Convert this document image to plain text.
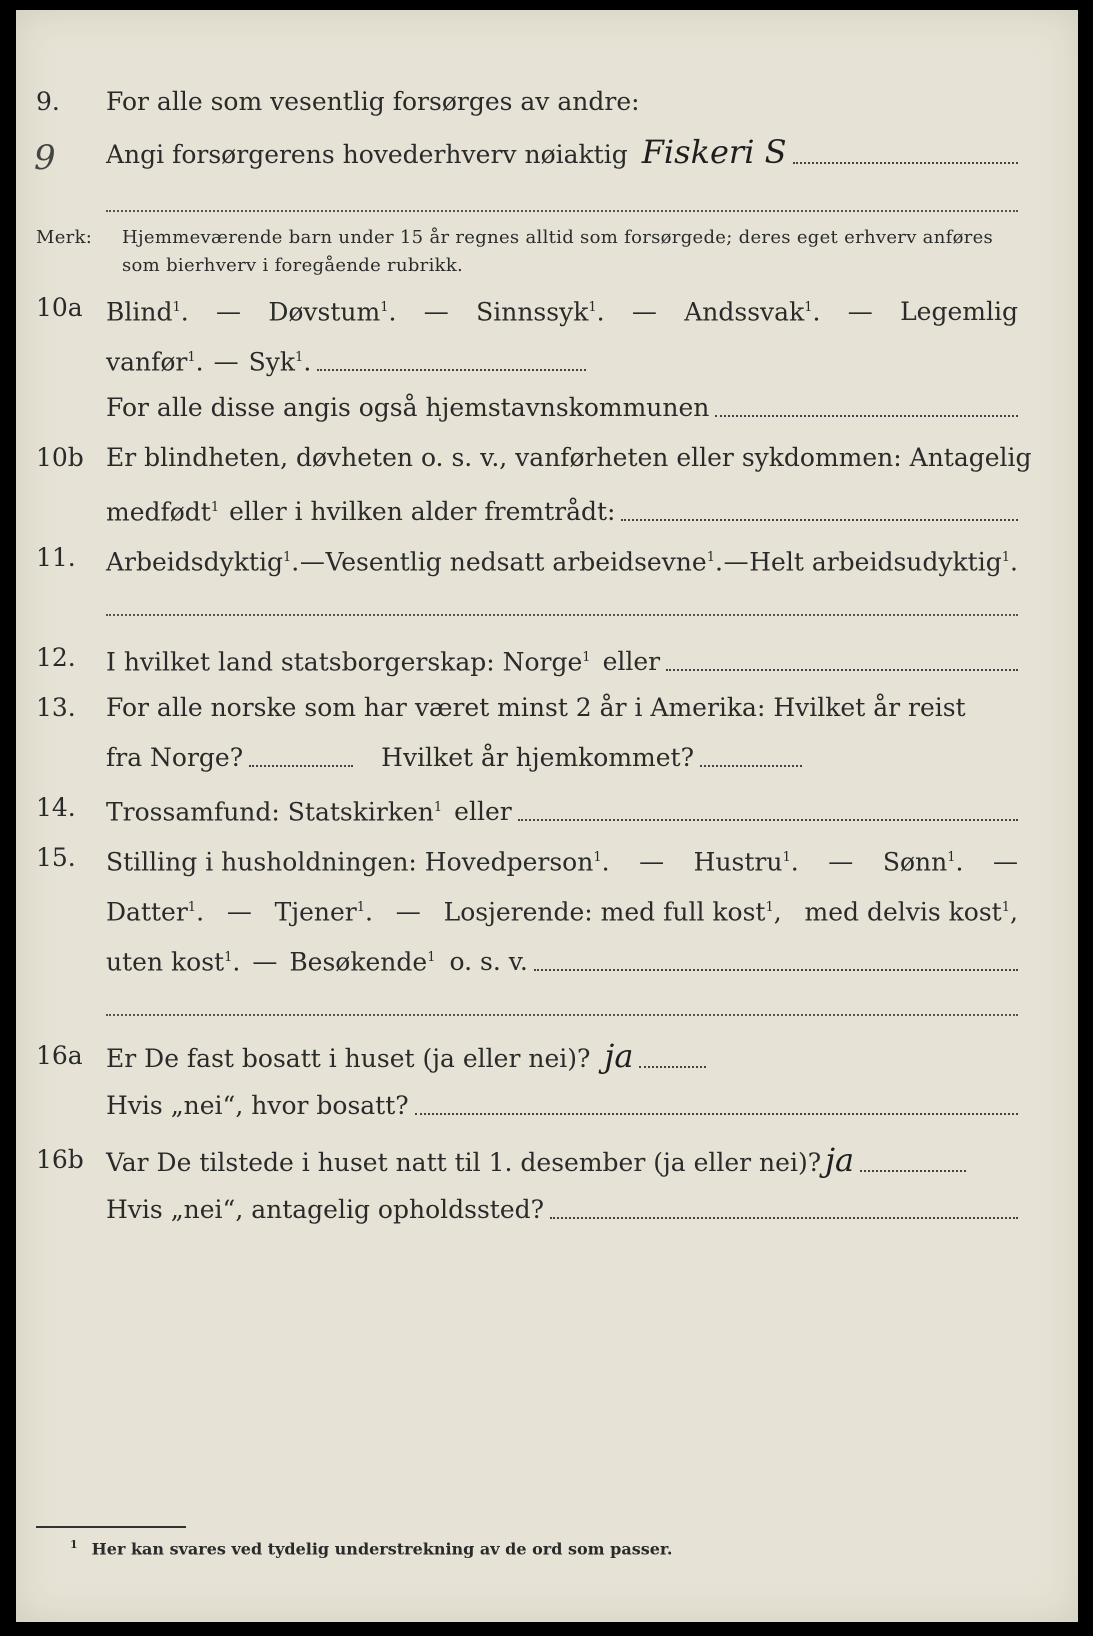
9
9. For alle som vesentlig forsørges av andre:
Angi forsørgerens hovederhverv nøiaktig Fiskeri S
Merk: Hjemmeværende barn under 15 år regnes alltid som forsørgede; deres eget erhverv anføres som bierhverv i foregående rubrikk.
10a Blind$^1$. — Døvstum$^1$. — Sinnssyk$^1$. — Andssvak$^1$. — Legemlig
vanfør$^1$. — Syk$^1$.
For alle disse angis også hjemstavnskommunen
10b Er blindheten, døvheten o. s. v., vanførheten eller sykdommen: Antagelig
medfødt$^1$ eller i hvilken alder fremtrådt:
11. Arbeidsdyktig$^1$. — Vesentlig nedsatt arbeidsevne$^1$. — Helt arbeidsudyktig$^1$.
12. I hvilket land statsborgerskap: Norge$^1$ eller
13. For alle norske som har været minst 2 år i Amerika: Hvilket år reist
fra Norge?	Hvilket år hjemkommet?
14. Trossamfund: Statskirken$^1$ eller
15. Stilling i husholdningen: Hovedperson$^1$. — Hustru$^1$. — Sønn$^1$. —
Datter$^1$. — Tjener$^1$. — Losjerende: med full kost$^1$, med delvis kost$^1$,
uten kost$^1$. — Besøkende$^1$ o. s. v.
16a Er De fast bosatt i huset (ja eller nei)? ja
Hvis „nei“, hvor bosatt?
16b Var De tilstede i huset natt til 1. desember (ja eller nei)? ja
Hvis „nei“, antagelig opholdssted?
$^1$ Her kan svares ved tydelig understrekning av de ord som passer.
